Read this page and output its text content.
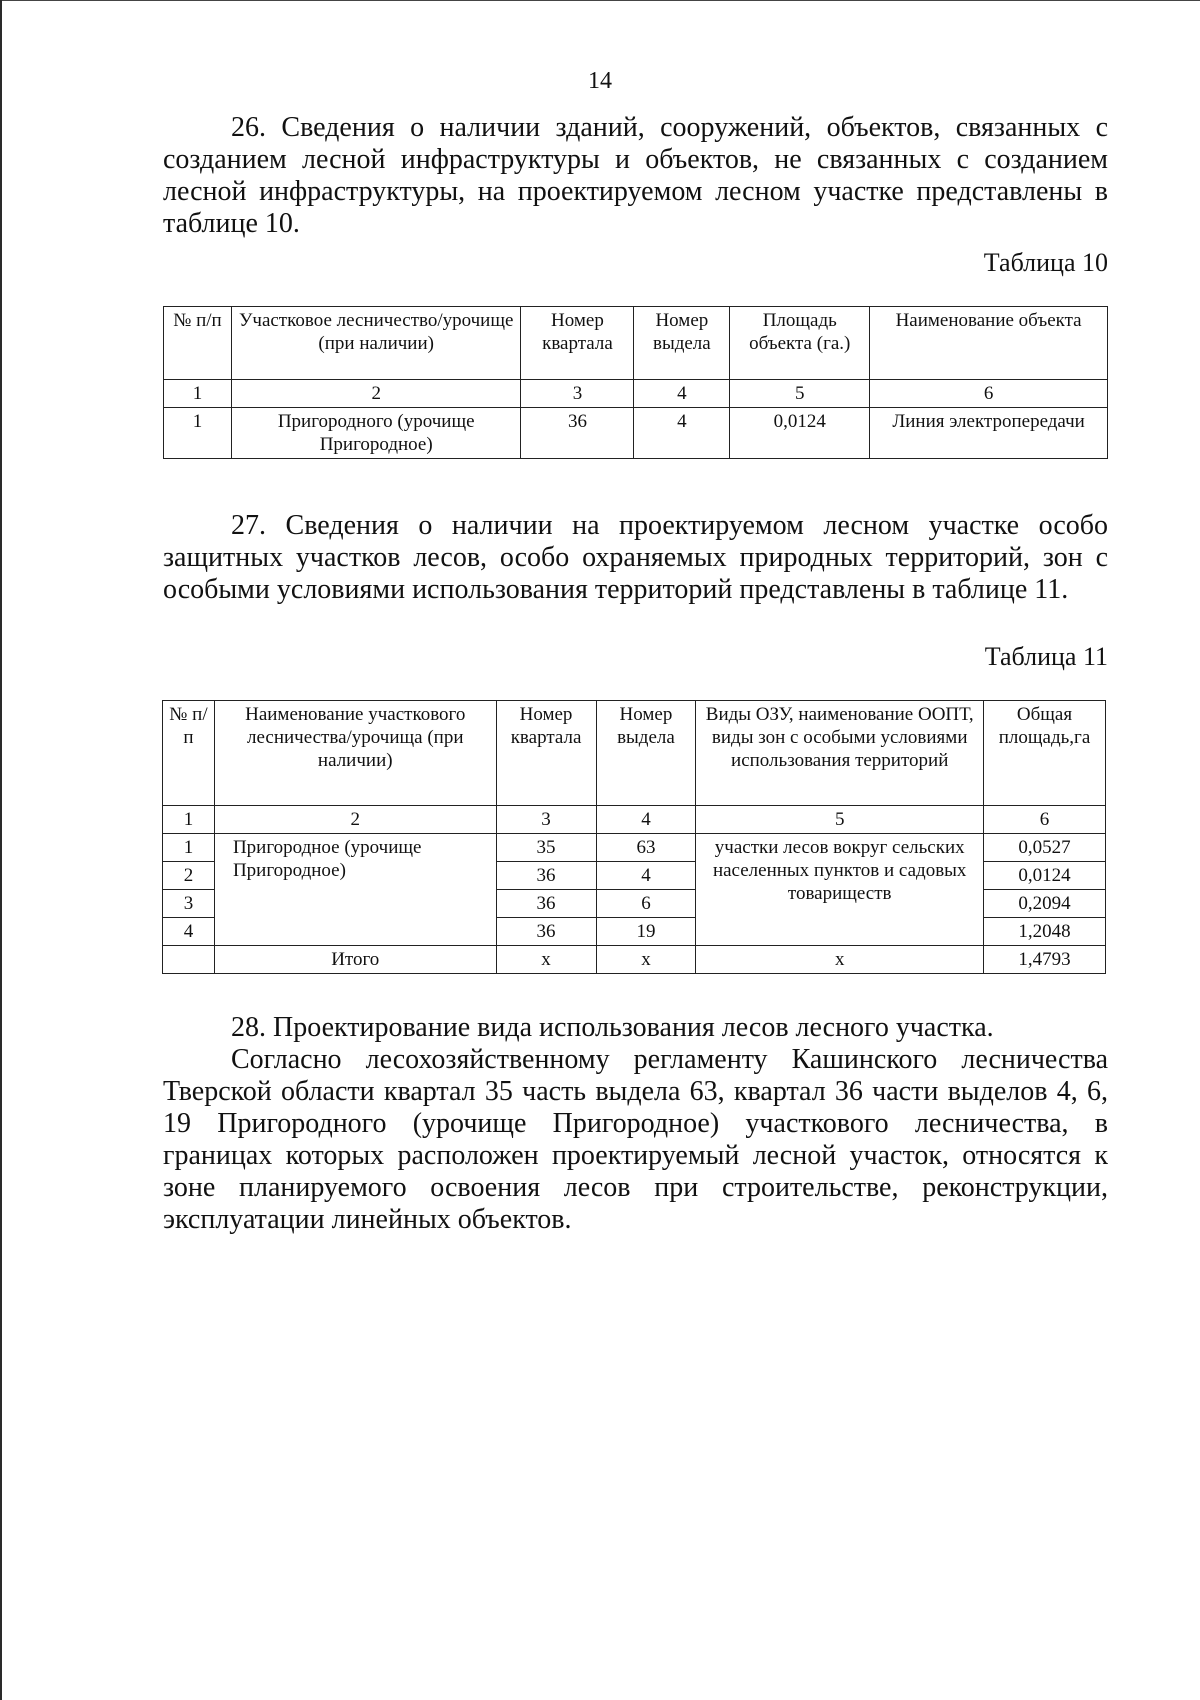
14

26. Сведения о наличии зданий, сооружений, объектов, связанных с созданием лесной инфраструктуры и объектов, не связанных с созданием лесной инфраструктуры, на проектируемом лесном участке представлены в таблице 10.

Таблица 10
№ п/п	Участковое лесничество/урочище (при наличии)	Номер квартала	Номер выдела	Площадь объекта (га.)	Наименование объекта
1	2	3	4	5	6
1	Пригородного (урочище Пригородное)	36	4	0,0124	Линия электропередачи

27. Сведения о наличии на проектируемом лесном участке особо защитных участков лесов, особо охраняемых природных территорий, зон с особыми условиями использования территорий представлены в таблице 11.

Таблица 11
№ п/п	Наименование участкового лесничества/урочища (при наличии)	Номер квартала	Номер выдела	Виды ОЗУ, наименование ООПТ, виды зон с особыми условиями использования территорий	Общая площадь,га
1	2	3	4	5	6
1	Пригородное (урочище Пригородное)	35	63	участки лесов вокруг сельских населенных пунктов и садовых товариществ	0,0527
2		36	4		0,0124
3		36	6		0,2094
4		36	19		1,2048
	Итого	х	х	х	1,4793

28. Проектирование вида использования лесов лесного участка.

Согласно лесохозяйственному регламенту Кашинского лесничества Тверской области квартал 35 часть выдела 63, квартал 36 части выделов 4, 6, 19 Пригородного (урочище Пригородное) участкового лесничества, в границах которых расположен проектируемый лесной участок, относятся к зоне планируемого освоения лесов при строительстве, реконструкции, эксплуатации линейных объектов.
